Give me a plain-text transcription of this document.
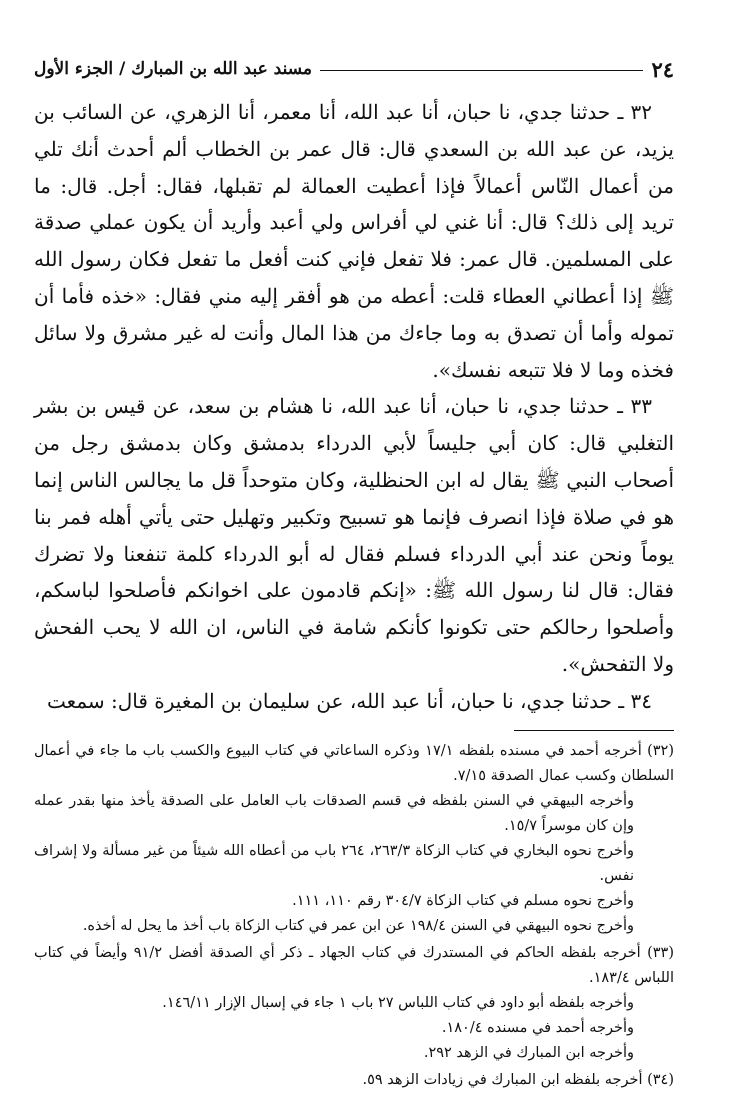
٢٤
مسند عبد الله بن المبارك / الجزء الأول

٣٢ ـ حدثنا جدي، نا حبان، أنا عبد الله، أنا معمر، أنا الزهري، عن السائب بن يزيد، عن عبد الله بن السعدي قال: قال عمر بن الخطاب ألم أحدث أنك تلي من أعمال النّاس أعمالاً فإذا أعطيت العمالة لم تقبلها، فقال: أجل. قال: ما تريد إلى ذلك؟ قال: أنا غني لي أفراس ولي أعبد وأريد أن يكون عملي صدقة على المسلمين. قال عمر: فلا تفعل فإني كنت أفعل ما تفعل فكان رسول الله ﷺ إذا أعطاني العطاء قلت: أعطه من هو أفقر إليه مني فقال: «خذه فأما أن تموله وأما أن تصدق به وما جاءك من هذا المال وأنت له غير مشرق ولا سائل فخذه وما لا فلا تتبعه نفسك».

٣٣ ـ حدثنا جدي، نا حبان، أنا عبد الله، نا هشام بن سعد، عن قيس بن بشر التغلبي قال: كان أبي جليساً لأبي الدرداء بدمشق وكان بدمشق رجل من أصحاب النبي ﷺ يقال له ابن الحنظلية، وكان متوحداً قل ما يجالس الناس إنما هو في صلاة فإذا انصرف فإنما هو تسبيح وتكبير وتهليل حتى يأتي أهله فمر بنا يوماً ونحن عند أبي الدرداء فسلم فقال له أبو الدرداء كلمة تنفعنا ولا تضرك فقال: قال لنا رسول الله ﷺ: «إنكم قادمون على اخوانكم فأصلحوا لباسكم، وأصلحوا رحالكم حتى تكونوا كأنكم شامة في الناس، ان الله لا يحب الفحش ولا التفحش».

٣٤ ـ حدثنا جدي، نا حبان، أنا عبد الله، عن سليمان بن المغيرة قال: سمعت

(٣٢) أخرجه أحمد في مسنده بلفظه ١٧/١ وذكره الساعاتي في كتاب البيوع والكسب باب ما جاء في أعمال السلطان وكسب عمال الصدقة ٧/١٥.

وأخرجه البيهقي في السنن بلفظه في قسم الصدقات باب العامل على الصدقة يأخذ منها بقدر عمله وإن كان موسراً ١٥/٧.

وأخرج نحوه البخاري في كتاب الزكاة ٢٦٣/٣، ٢٦٤ باب من أعطاه الله شيئاً من غير مسألة ولا إشراف نفس.

وأخرج نحوه مسلم في كتاب الزكاة ٣٠٤/٧ رقم ١١٠، ١١١.

وأخرج نحوه البيهقي في السنن ١٩٨/٤ عن ابن عمر في كتاب الزكاة باب أخذ ما يحل له أخذه.

(٣٣) أخرجه بلفظه الحاكم في المستدرك في كتاب الجهاد ـ ذكر أي الصدقة أفضل ٩١/٢ وأيضاً في كتاب اللباس ١٨٣/٤.

وأخرجه بلفظه أبو داود في كتاب اللباس ٢٧ باب ١ جاء في إسبال الإزار ١٤٦/١١.

وأخرجه أحمد في مسنده ١٨٠/٤.

وأخرجه ابن المبارك في الزهد ٢٩٢.

(٣٤) أخرجه بلفظه ابن المبارك في زيادات الزهد ٥٩.
